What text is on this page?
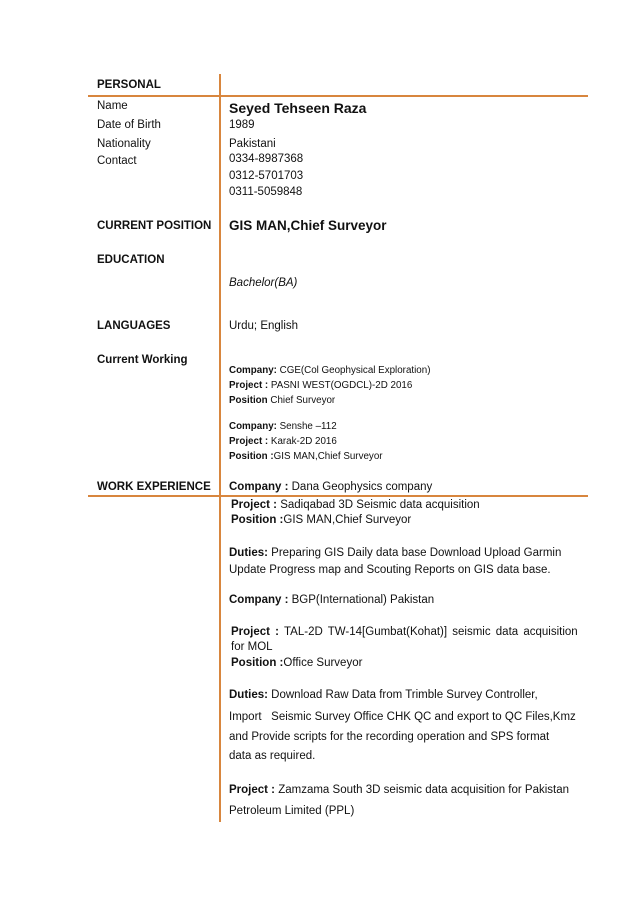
PERSONAL
Name
Date of Birth
Nationality
Contact
Seyed Tehseen Raza
1989
Pakistani
0334-8987368
0312-5701703
0311-5059848
CURRENT POSITION GIS MAN,Chief Surveyor
EDUCATION
Bachelor(BA)
LANGUAGES	Urdu; English
Current Working
Company: CGE(Col Geophysical Exploration)
Project : PASNI WEST(OGDCL)-2D 2016
Position Chief Surveyor
Company: Senshe –112
Project : Karak-2D 2016
Position :GIS MAN,Chief Surveyor
WORK EXPERIENCE Company : Dana Geophysics company
Project : Sadiqabad 3D Seismic data acquisition
Position :GIS MAN,Chief Surveyor
Duties: Preparing GIS Daily data base Download Upload Garmin
Update Progress map and Scouting Reports on GIS data base.
Company : BGP(International) Pakistan
Project : TAL-2D TW-14[Gumbat(Kohat)] seismic data acquisition
for MOL
Position :Office Surveyor
Duties: Download Raw Data from Trimble Survey Controller,
Import   Seismic Survey Office CHK QC and export to QC Files,Kmz
and Provide scripts for the recording operation and SPS format
data as required.
Project : Zamzama South 3D seismic data acquisition for Pakistan
Petroleum Limited (PPL)
